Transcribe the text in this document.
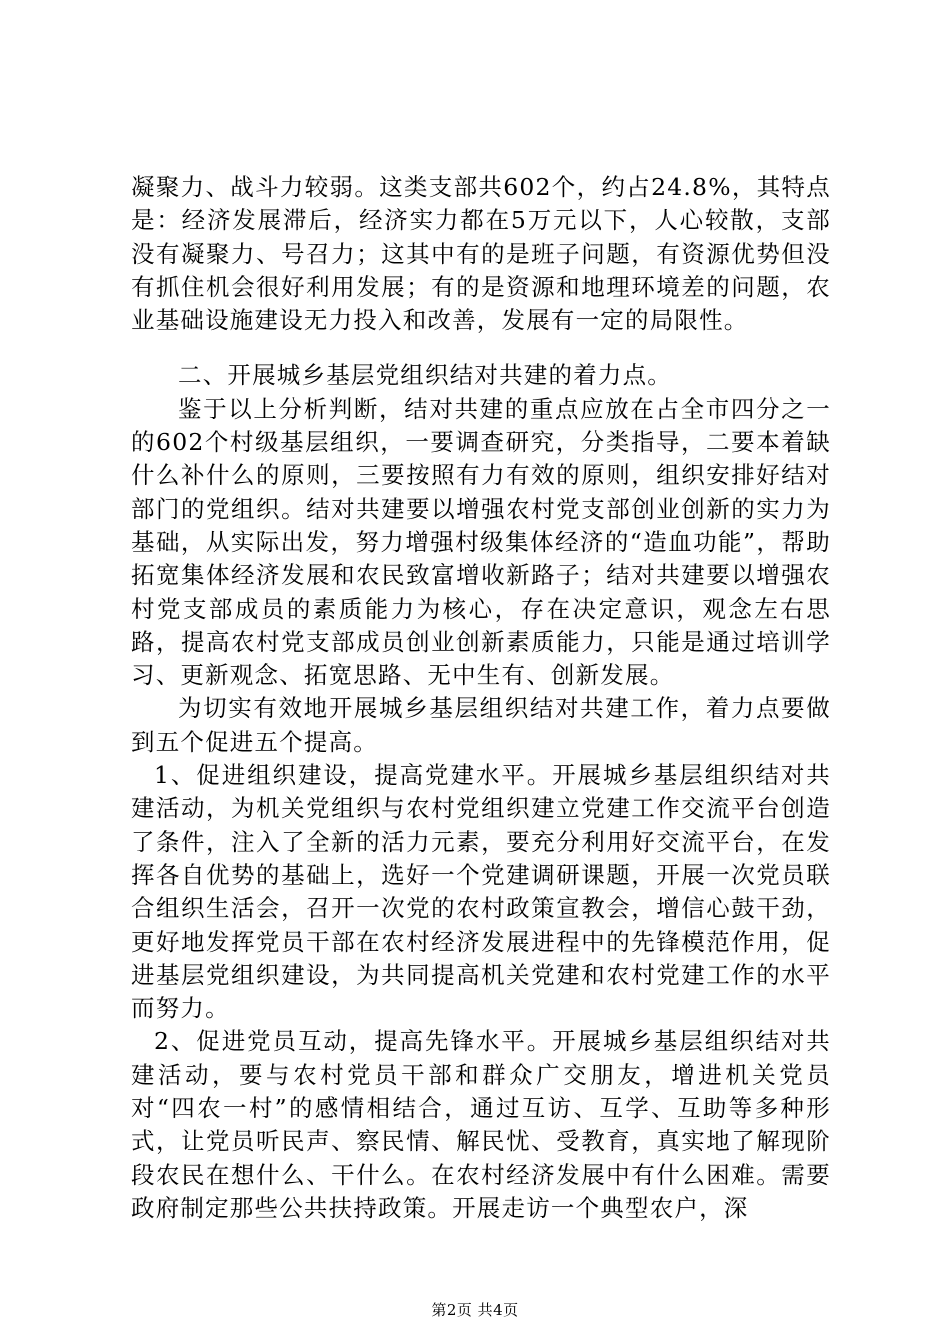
凝聚力、战斗力较弱。这类支部共602个，约占24.8%，其特点是：经济发展滞后，经济实力都在5万元以下，人心较散，支部没有凝聚力、号召力；这其中有的是班子问题，有资源优势但没有抓住机会很好利用发展；有的是资源和地理环境差的问题，农业基础设施建设无力投入和改善，发展有一定的局限性。

二、开展城乡基层党组织结对共建的着力点。

鉴于以上分析判断，结对共建的重点应放在占全市四分之一的602个村级基层组织，一要调查研究，分类指导，二要本着缺什么补什么的原则，三要按照有力有效的原则，组织安排好结对部门的党组织。结对共建要以增强农村党支部创业创新的实力为基础，从实际出发，努力增强村级集体经济的“造血功能”，帮助拓宽集体经济发展和农民致富增收新路子；结对共建要以增强农村党支部成员的素质能力为核心，存在决定意识，观念左右思路，提高农村党支部成员创业创新素质能力，只能是通过培训学习、更新观念、拓宽思路、无中生有、创新发展。

为切实有效地开展城乡基层组织结对共建工作，着力点要做到五个促进五个提高。

1、促进组织建设，提高党建水平。开展城乡基层组织结对共建活动，为机关党组织与农村党组织建立党建工作交流平台创造了条件，注入了全新的活力元素，要充分利用好交流平台，在发挥各自优势的基础上，选好一个党建调研课题，开展一次党员联合组织生活会，召开一次党的农村政策宣教会，增信心鼓干劲，更好地发挥党员干部在农村经济发展进程中的先锋模范作用，促进基层党组织建设，为共同提高机关党建和农村党建工作的水平而努力。

2、促进党员互动，提高先锋水平。开展城乡基层组织结对共建活动，要与农村党员干部和群众广交朋友，增进机关党员对“四农一村”的感情相结合，通过互访、互学、互助等多种形式，让党员听民声、察民情、解民忧、受教育，真实地了解现阶段农民在想什么、干什么。在农村经济发展中有什么困难。需要政府制定那些公共扶持政策。开展走访一个典型农户，深

第2页 共4页
